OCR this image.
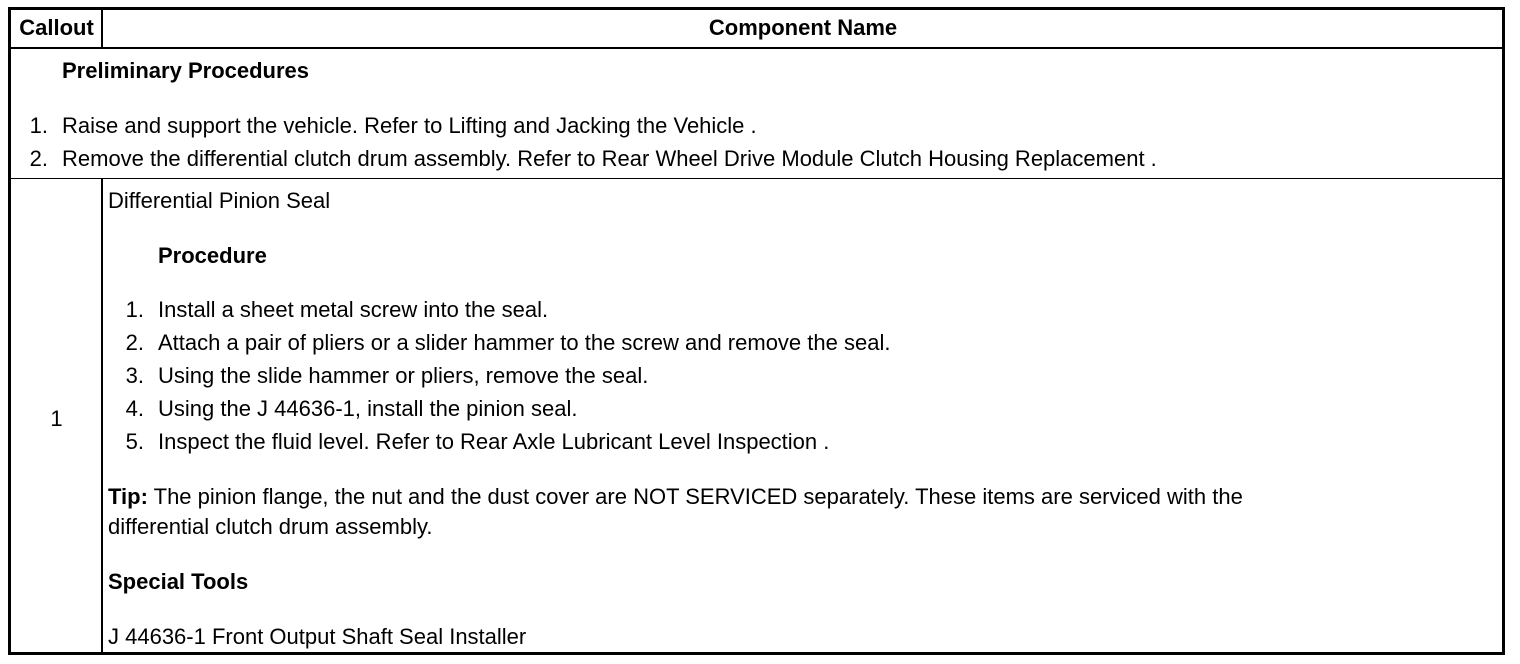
Callout	Component Name
Preliminary Procedures
1. Raise and support the vehicle. Refer to Lifting and Jacking the Vehicle .
2. Remove the differential clutch drum assembly. Refer to Rear Wheel Drive Module Clutch Housing Replacement .
1
Differential Pinion Seal
Procedure
1. Install a sheet metal screw into the seal.
2. Attach a pair of pliers or a slider hammer to the screw and remove the seal.
3. Using the slide hammer or pliers, remove the seal.
4. Using the J 44636-1, install the pinion seal.
5. Inspect the fluid level. Refer to Rear Axle Lubricant Level Inspection .
Tip: The pinion flange, the nut and the dust cover are NOT SERVICED separately. These items are serviced with the
differential clutch drum assembly.
Special Tools
J 44636-1 Front Output Shaft Seal Installer
